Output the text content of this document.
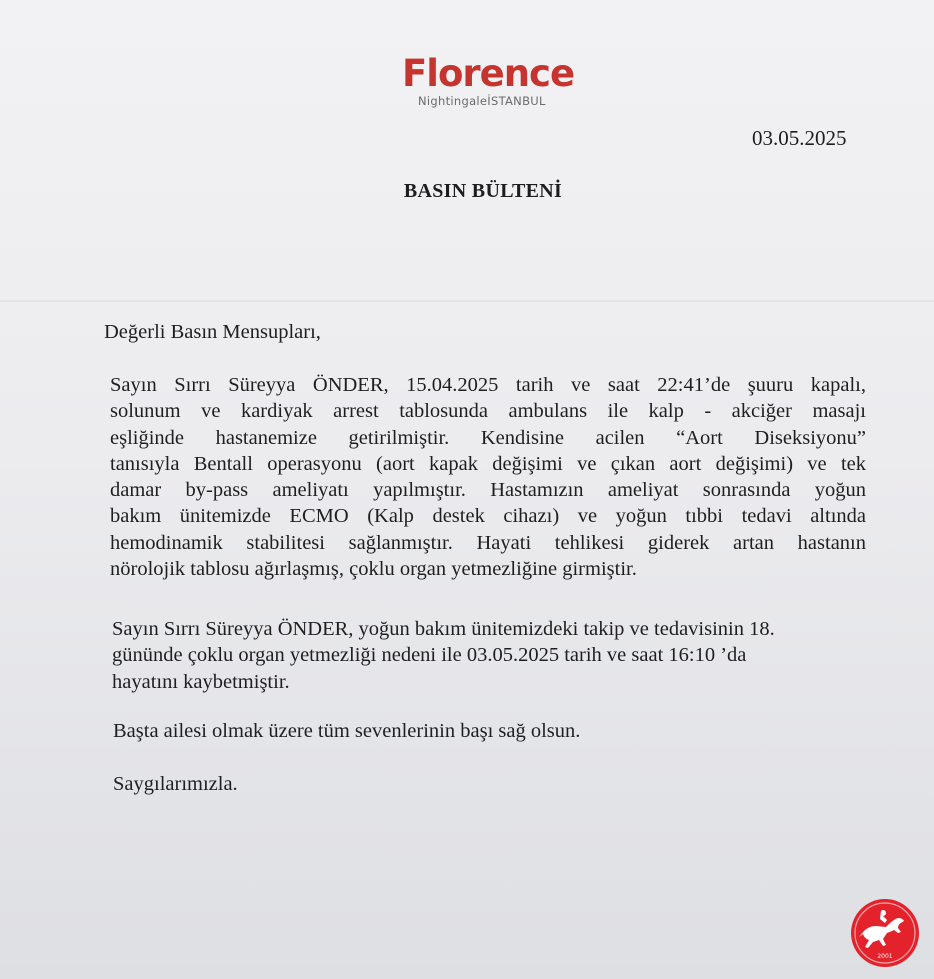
Florence
NightingaleİSTANBUL
03.05.2025
BASIN BÜLTENİ
Değerli Basın Mensupları,
Sayın Sırrı Süreyya ÖNDER, 15.04.2025 tarih ve saat 22:41’de şuuru kapalı,
solunum ve kardiyak arrest tablosunda ambulans ile kalp - akciğer masajı
eşliğinde hastanemize getirilmiştir. Kendisine acilen “Aort Diseksiyonu”
tanısıyla Bentall operasyonu (aort kapak değişimi ve çıkan aort değişimi) ve tek
damar by-pass ameliyatı yapılmıştır. Hastamızın ameliyat sonrasında yoğun
bakım ünitemizde ECMO (Kalp destek cihazı) ve yoğun tıbbi tedavi altında
hemodinamik stabilitesi sağlanmıştır. Hayati tehlikesi giderek artan hastanın
nörolojik tablosu ağırlaşmış, çoklu organ yetmezliğine girmiştir.
Sayın Sırrı Süreyya ÖNDER, yoğun bakım ünitemizdeki takip ve tedavisinin 18.
gününde çoklu organ yetmezliği nedeni ile 03.05.2025 tarih ve saat 16:10 ’da
hayatını kaybetmiştir.
Başta ailesi olmak üzere tüm sevenlerinin başı sağ olsun.
Saygılarımızla.
2001
